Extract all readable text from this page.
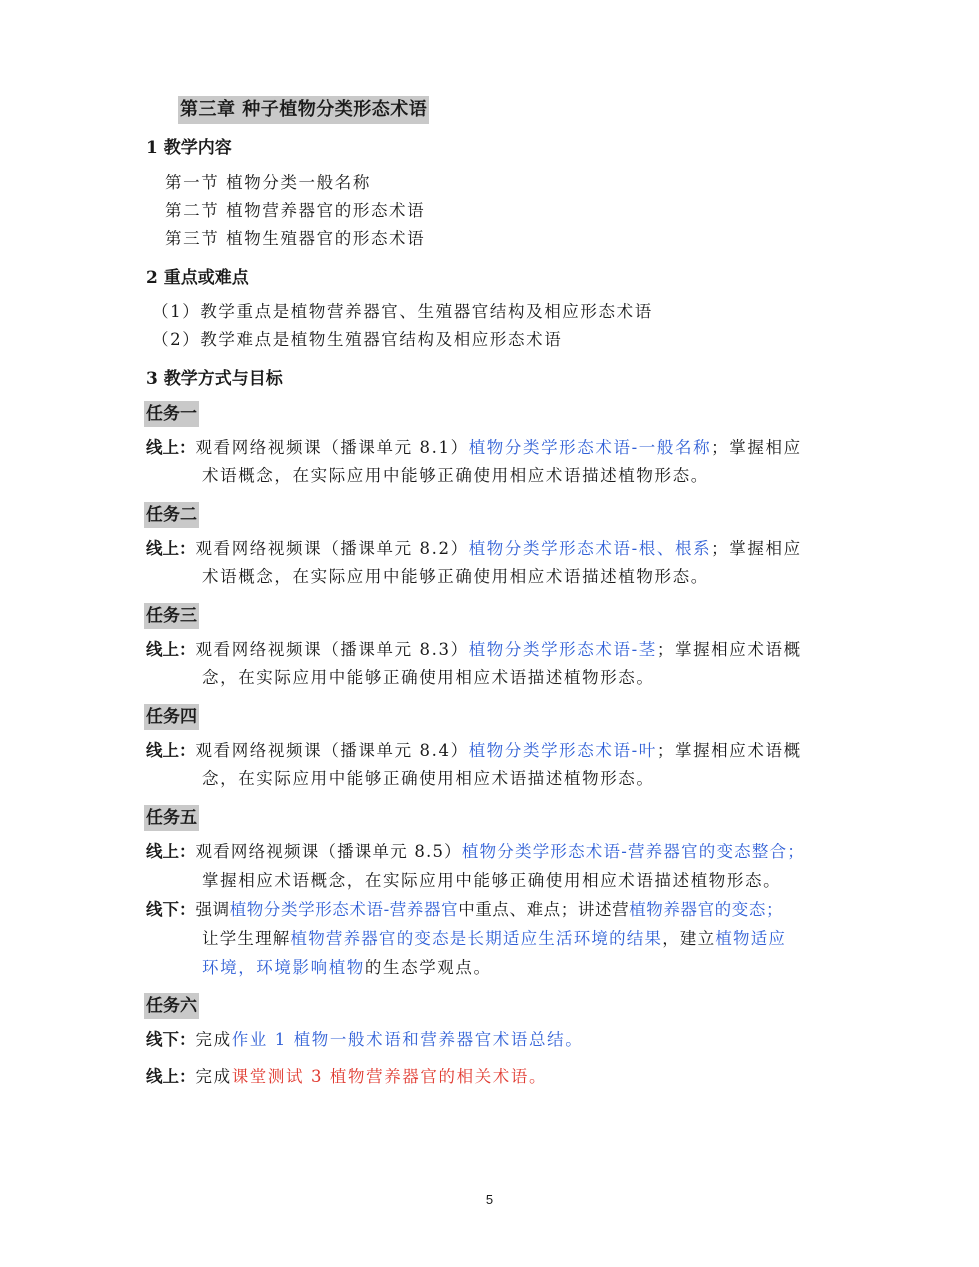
第三章 种子植物分类形态术语
1 教学内容
第一节 植物分类一般名称
第二节 植物营养器官的形态术语
第三节 植物生殖器官的形态术语
2 重点或难点
（1）教学重点是植物营养器官、生殖器官结构及相应形态术语
（2）教学难点是植物生殖器官结构及相应形态术语
3 教学方式与目标
任务一
线上：观看网络视频课（播课单元 8.1）植物分类学形态术语-一般名称；掌握相应
术语概念，在实际应用中能够正确使用相应术语描述植物形态。
任务二
线上：观看网络视频课（播课单元 8.2）植物分类学形态术语-根、根系；掌握相应
术语概念，在实际应用中能够正确使用相应术语描述植物形态。
任务三
线上：观看网络视频课（播课单元 8.3）植物分类学形态术语-茎；掌握相应术语概
念，在实际应用中能够正确使用相应术语描述植物形态。
任务四
线上：观看网络视频课（播课单元 8.4）植物分类学形态术语-叶；掌握相应术语概
念，在实际应用中能够正确使用相应术语描述植物形态。
任务五
线上：观看网络视频课（播课单元 8.5）植物分类学形态术语-营养器官的变态整合；
掌握相应术语概念，在实际应用中能够正确使用相应术语描述植物形态。
线下：强调植物分类学形态术语-营养器官中重点、难点；讲述营植物养器官的变态；
让学生理解植物营养器官的变态是长期适应生活环境的结果，建立植物适应
环境，环境影响植物的生态学观点。
任务六
线下：完成作业 1 植物一般术语和营养器官术语总结。
线上：完成课堂测试 3 植物营养器官的相关术语。
5
